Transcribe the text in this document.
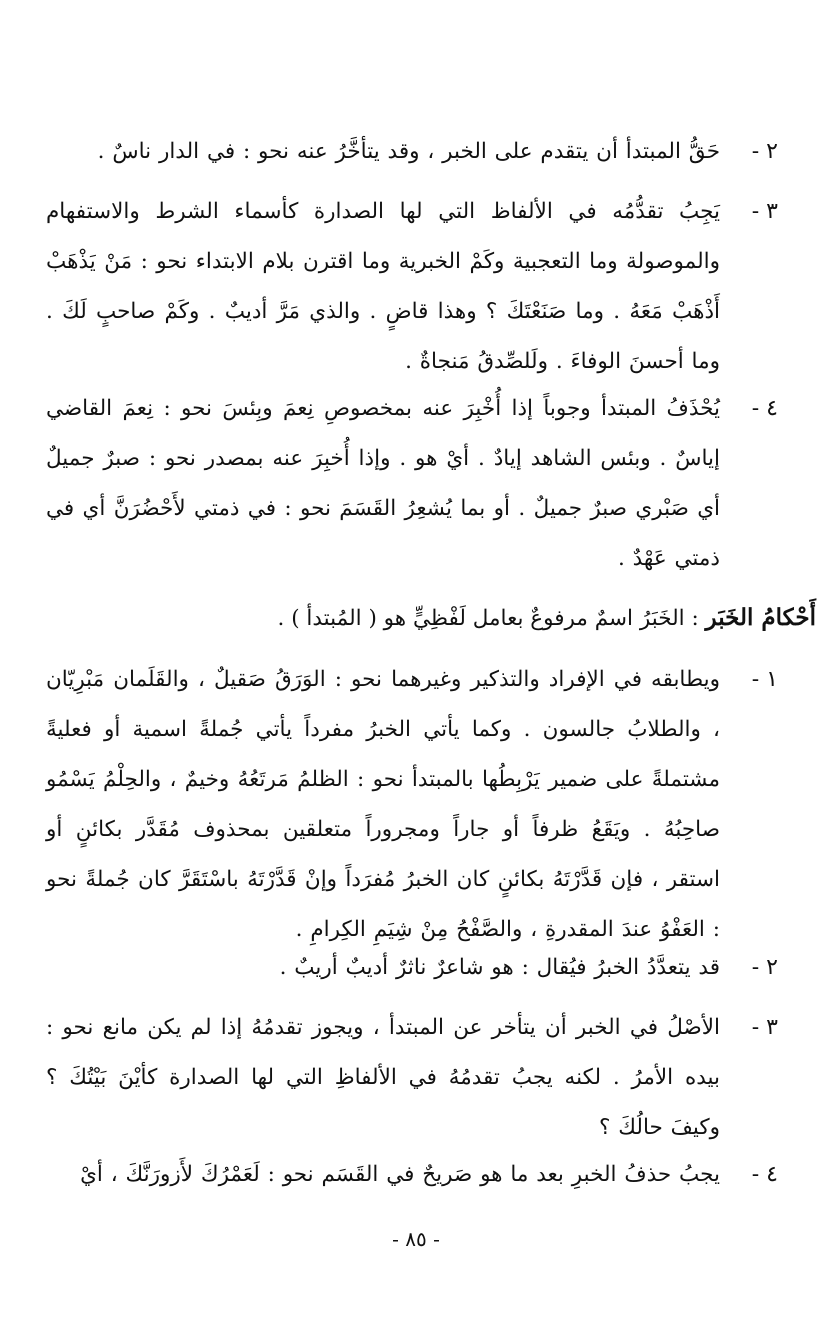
٢ -
حَقُّ المبتدأ أن يتقدم على الخبر ، وقد يتأخَّرُ عنه نحو : في الدار ناسٌ .
٣ -
يَجِبُ تقدُّمُه في الألفاظ التي لها الصدارة كأسماء الشرط والاستفهام والموصولة وما التعجبية وكَمْ الخبرية وما اقترن بلام الابتداء نحو : مَنْ يَذْهَبْ أَذْهَبْ مَعَهُ . وما صَنَعْتَكَ ؟ وهذا قاضٍ . والذي مَرَّ أديبٌ . وكَمْ صاحبٍ لَكَ . وما أحسنَ الوفاءَ . ولَلصِّدقُ مَنجاةٌ .
٤ -
يُحْذَفُ المبتدأ وجوباً إذا أُخْبِرَ عنه بمخصوصِ نِعمَ وبِئسَ نحو : نِعمَ القاضي إياسٌ . وبئس الشاهد إيادٌ . أيْ هو . وإذا أُخبِرَ عنه بمصدر نحو : صبرٌ جميلٌ أي صَبْري صبرٌ جميلٌ . أو بما يُشعِرُ القَسَمَ نحو : في ذمتي لأَحْضُرَنَّ أي في ذمتي عَهْدٌ .
أَحْكامُ الخَبَر : الخَبَرُ اسمٌ مرفوعٌ بعامل لَفْظِيٍّ هو ( المُبتدأ ) .
١ -
ويطابقه في الإفراد والتذكير وغيرهما نحو : الوَرَقُ صَقيلٌ ، والقَلَمان مَبْرِيّان ، والطلابُ جالسون . وكما يأتي الخبرُ مفرداً يأتي جُملةً اسمية أو فعليةً مشتملةً على ضمير يَرْبِطُها بالمبتدأ نحو : الظلمُ مَرتَعُهُ وخيمٌ ، والحِلْمُ يَسْمُو صاحِبُهُ . ويَقَعُ ظرفاً أو جاراً ومجروراً متعلقين بمحذوف مُقَدَّر بكائنٍ أو استقر ، فإن قَدَّرْتَهُ بكائنٍ كان الخبرُ مُفرَداً وإنْ قَدَّرْتَهُ باسْتَقَرَّ كان جُملةً نحو : العَفْوُ عندَ المقدرةِ ، والصَّفْحُ مِنْ شِيَمِ الكِرامِ .
٢ -
قد يتعدَّدُ الخبرُ فيُقال : هو شاعرٌ ناثرٌ أديبٌ أريبٌ .
٣ -
الأصْلُ في الخبر أن يتأخر عن المبتدأ ، ويجوز تقدمُهُ إذا لم يكن مانع نحو : بيده الأمرُ . لكنه يجبُ تقدمُهُ في الألفاظِ التي لها الصدارة كأيْنَ بَيْتُكَ ؟ وكيفَ حالُكَ ؟
٤ -
يجبُ حذفُ الخبرِ بعد ما هو صَريحٌ في القَسَم نحو : لَعَمْرُكَ لأَزورَنَّكَ ، أيْ
- ٨٥ -
